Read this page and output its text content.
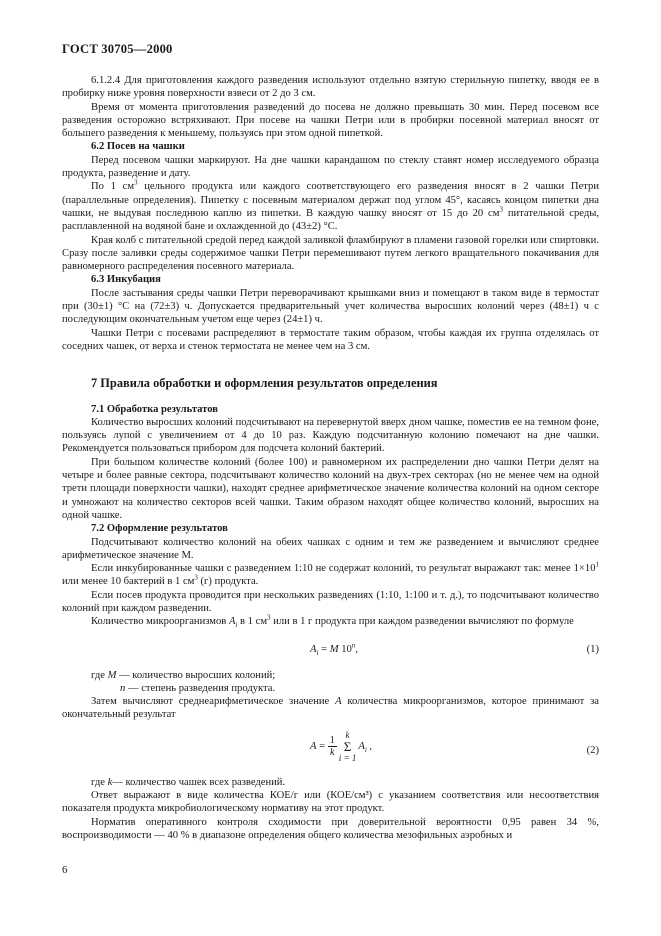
ГОСТ 30705—2000

6.1.2.4 Для приготовления каждого разведения используют отдельно взятую стерильную пипетку, вводя ее в пробирку ниже уровня поверхности взвеси от 2 до 3 см.

Время от момента приготовления разведений до посева не должно превышать 30 мин. Перед посевом все разведения осторожно встряхивают. При посеве на чашки Петри или в пробирки посевной материал вносят от большего разведения к меньшему, пользуясь при этом одной пипеткой.

6.2 Посев на чашки

Перед посевом чашки маркируют. На дне чашки карандашом по стеклу ставят номер исследуемого образца продукта, разведение и дату.

По 1 $см^3$ цельного продукта или каждого соответствующего его разведения вносят в 2 чашки Петри (параллельные определения). Пипетку с посевным материалом держат под углом 45°, касаясь концом пипетки дна чашки, не выдувая последнюю каплю из пипетки. В каждую чашку вносят от 15 до 20 $см^3$ питательной среды, расплавленной на водяной бане и охлажденной до (43±2) °С.

Края колб с питательной средой перед каждой заливкой фламбируют в пламени газовой горелки или спиртовки. Сразу после заливки среды содержимое чашки Петри перемешивают путем легкого вращательного покачивания для равномерного распределения посевного материала.

6.3 Инкубация

После застывания среды чашки Петри переворачивают крышками вниз и помещают в таком виде в термостат при (30±1) °С на (72±3) ч. Допускается предварительный учет количества выросших колоний через (48±1) ч с последующим окончательным учетом еще через (24±1) ч.

Чашки Петри с посевами распределяют в термостате таким образом, чтобы каждая их группа отделялась от соседних чашек, от верха и стенок термостата не менее чем на 3 см.

7 Правила обработки и оформления результатов определения
7.1 Обработка результатов

Количество выросших колоний подсчитывают на перевернутой вверх дном чашке, поместив ее на темном фоне, пользуясь лупой с увеличением от 4 до 10 раз. Каждую подсчитанную колонию помечают на дне чашки. Рекомендуется пользоваться прибором для подсчета колоний бактерий.

При большом количестве колоний (более 100) и равномерном их распределении дно чашки Петри делят на четыре и более равные сектора, подсчитывают количество колоний на двух-трех секторах (но не менее чем на одной трети площади поверхности чашки), находят среднее арифметическое значение количества колоний на одном секторе и умножают на количество секторов всей чашки. Таким образом находят общее количество колоний, выросших на одной чашке.

7.2 Оформление результатов

Подсчитывают количество колоний на обеих чашках с одним и тем же разведением и вычисляют среднее арифметическое значение М.

Если инкубированные чашки с разведением 1:10 не содержат колоний, то результат выражают так: менее $1\times 10^1$ или менее 10 бактерий в 1 $см^3$ (г) продукта.

Если посев продукта проводится при нескольких разведениях (1:10, 1:100 и т. д.), то подсчитывают количество колоний при каждом разведении.

Количество микроорганизмов $A_i$ в 1 $см^3$ или в 1 г продукта при каждом разведении вычисляют по формуле

$A_i = M$ 10$^n$,	(1)

где M — количество выросших колоний;

n — степень разведения продукта.

Затем вычисляют среднеарифметическое значение A количества микроорганизмов, которое принимают за окончательный результат

$A = \frac{1}{k}$ k
Σ
i = 1
$A_i$ ,	(2)

где k— количество чашек всех разведений.

Ответ выражают в виде количества КОЕ/г или (КОЕ/см³) с указанием соответствия или несоответствия показателя продукта микробиологическому нормативу на этот продукт.

Норматив оперативного контроля сходимости при доверительной вероятности 0,95 равен 34 %, воспроизводимости — 40 % в диапазоне определения общего количества мезофильных аэробных и

6
